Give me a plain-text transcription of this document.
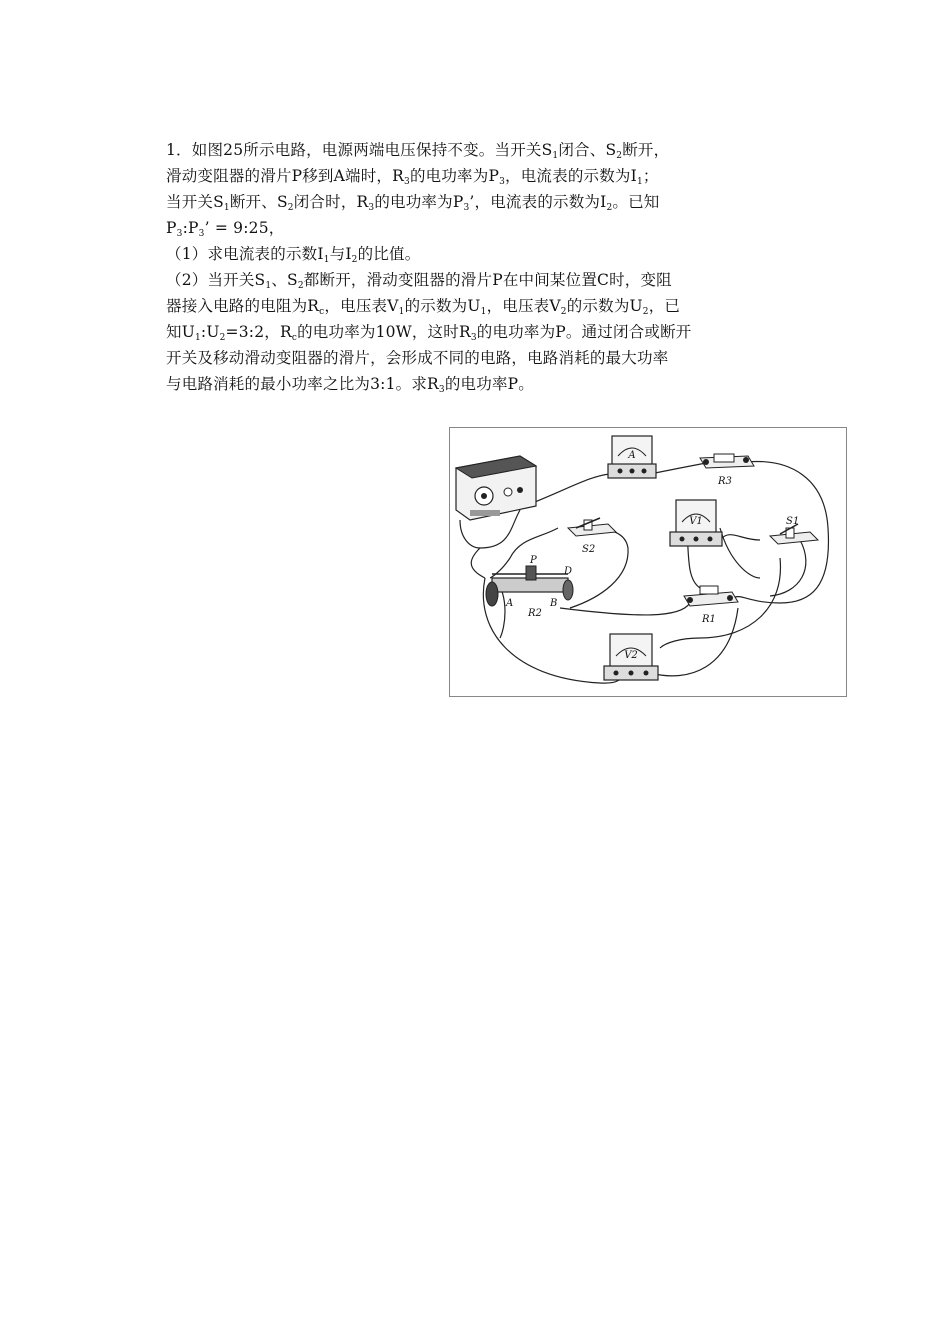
1．如图25所示电路，电源两端电压保持不变。当开关$S_1$闭合、$S_2$断开，
滑动变阻器的滑片P移到A端时，$R_3$的电功率为$P_3$，电流表的示数为$I_1$；
当开关$S_1$断开、$S_2$闭合时，$R_3$的电功率为$P_3$’，电流表的示数为$I_2$。已知
$P_3:P_3$’ = 9:25，
（1）求电流表的示数$I_1$与$I_2$的比值。
（2）当开关$S_1$、$S_2$都断开，滑动变阻器的滑片P在中间某位置C时，变阻
器接入电路的电阻为$R_c$，电压表$V_1$的示数为$U_1$，电压表$V_2$的示数为$U_2$，已
知$U_1:U_2=3:2$，$R_c$的电功率为10W，这时$R_3$的电功率为P。通过闭合或断开
开关及移动滑动变阻器的滑片，会形成不同的电路，电路消耗的最大功率
与电路消耗的最小功率之比为3:1。求$R_3$的电功率P。
A
R3
V1	S1
S2
P
D
A	B
R2
R1
V2
